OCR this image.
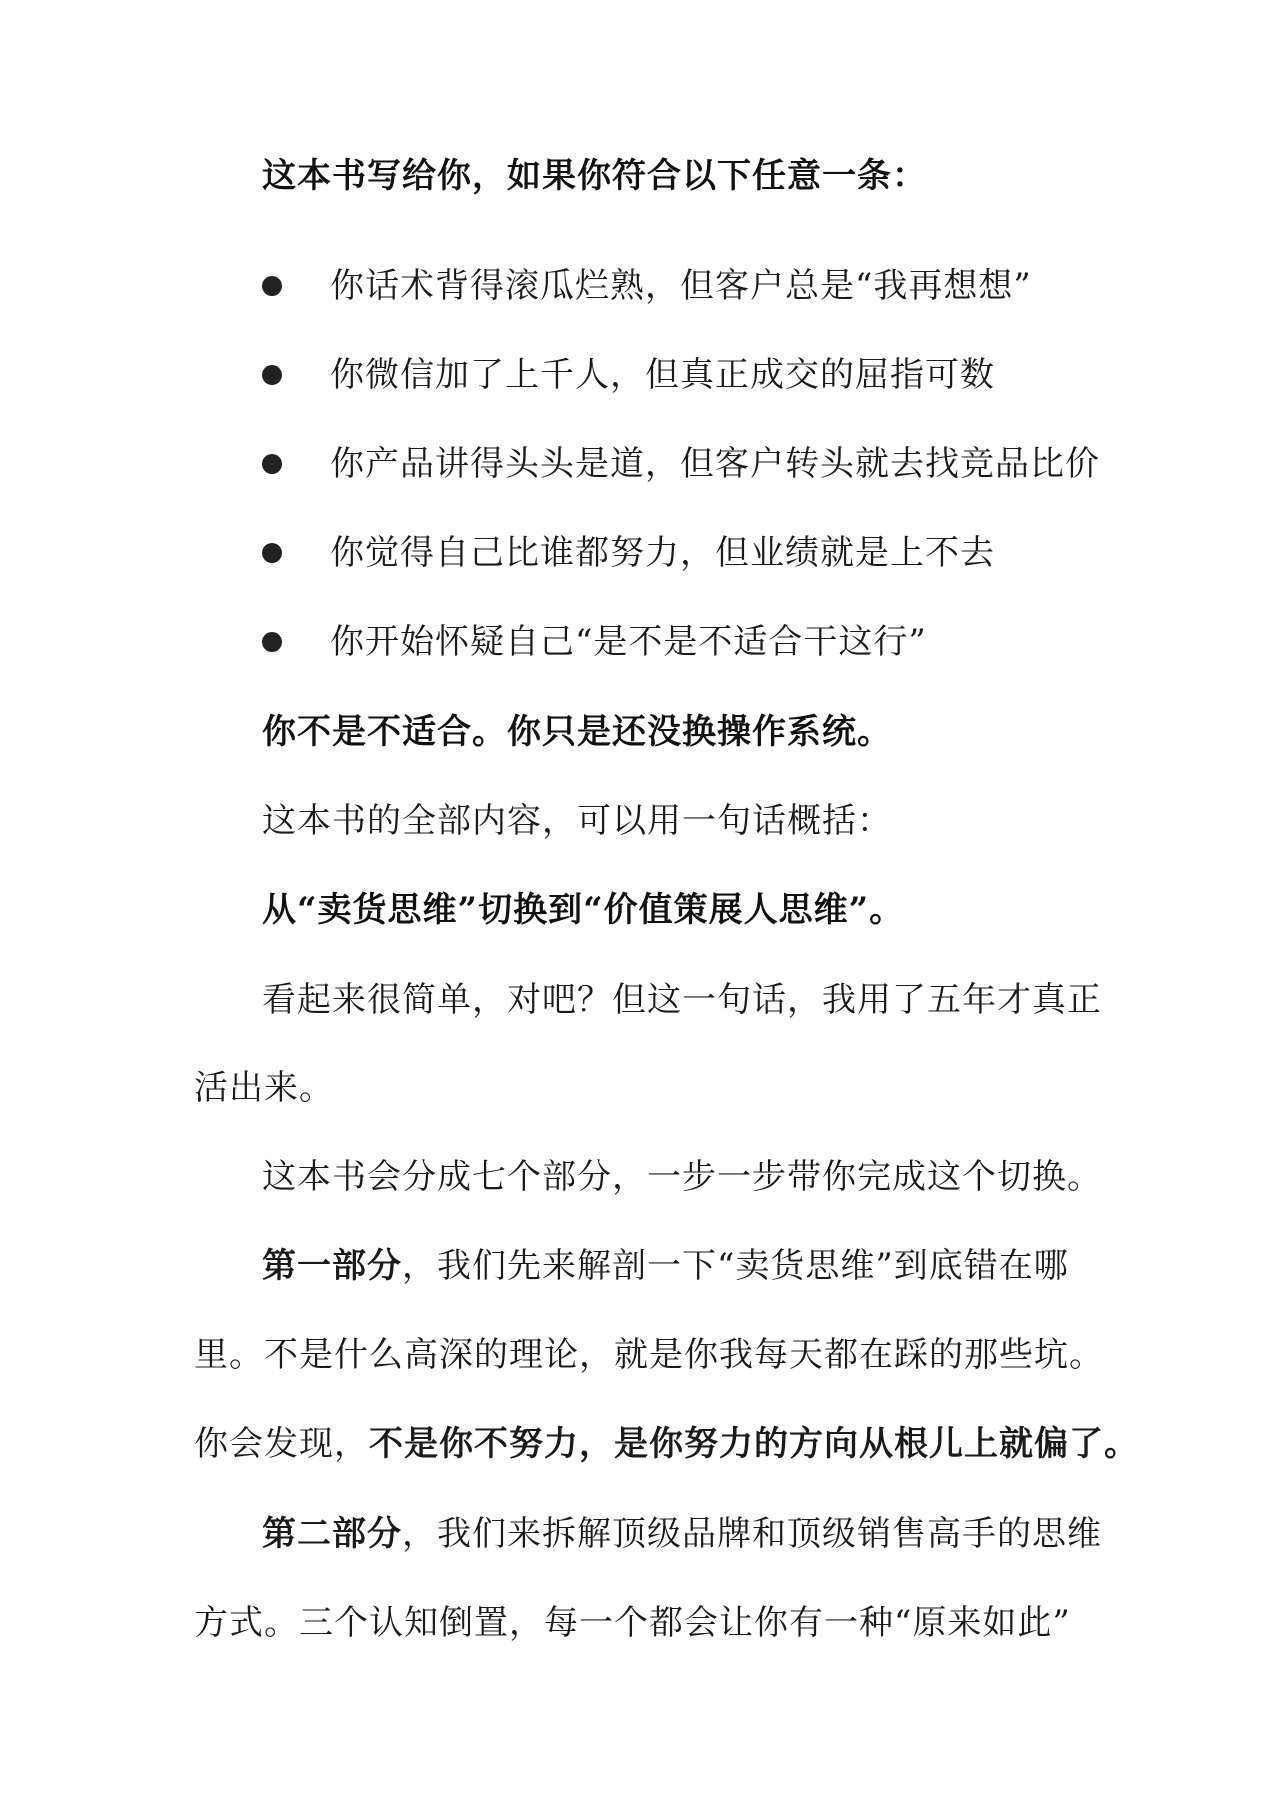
这本书写给你，如果你符合以下任意一条：
你话术背得滚瓜烂熟，但客户总是“我再想想”
你微信加了上千人，但真正成交的屈指可数
你产品讲得头头是道，但客户转头就去找竞品比价
你觉得自己比谁都努力，但业绩就是上不去
你开始怀疑自己“是不是不适合干这行”
你不是不适合。你只是还没换操作系统。
这本书的全部内容，可以用一句话概括：
从“卖货思维”切换到“价值策展人思维”。
看起来很简单，对吧？但这一句话，我用了五年才真正
活出来。
这本书会分成七个部分，一步一步带你完成这个切换。
第一部分，我们先来解剖一下“卖货思维”到底错在哪
里。不是什么高深的理论，就是你我每天都在踩的那些坑。
你会发现，不是你不努力，是你努力的方向从根儿上就偏了。
第二部分，我们来拆解顶级品牌和顶级销售高手的思维
方式。三个认知倒置，每一个都会让你有一种“原来如此”
